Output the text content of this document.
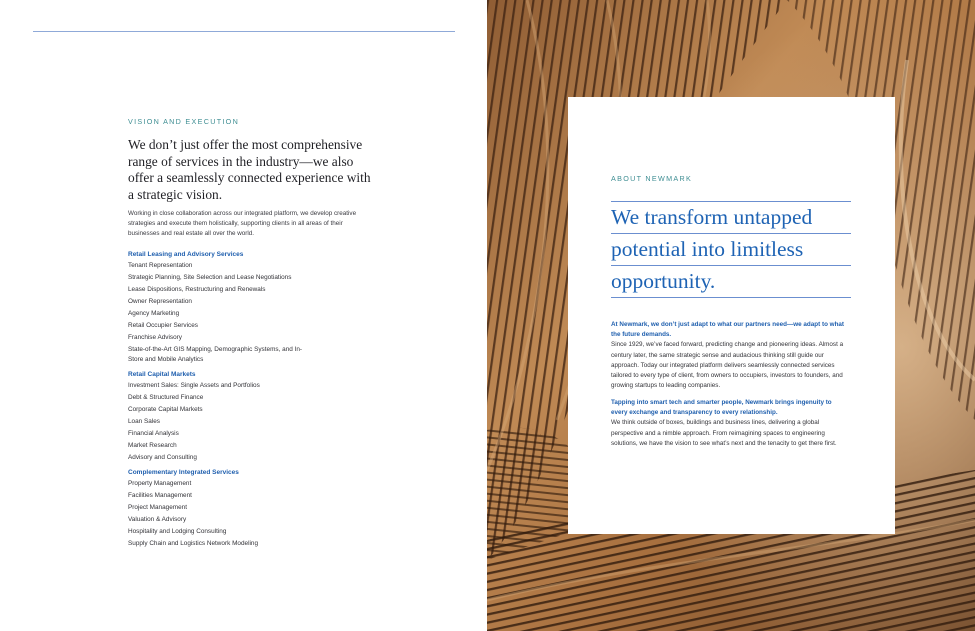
VISION AND EXECUTION
We don’t just offer the most comprehensive range of services in the industry—we also offer a seamlessly connected experience with a strategic vision.

Working in close collaboration across our integrated platform, we develop creative strategies and execute them holistically, supporting clients in all areas of their businesses and real estate all over the world.

Retail Leasing and Advisory Services
Tenant Representation
Strategic Planning, Site Selection and Lease Negotiations
Lease Dispositions, Restructuring and Renewals
Owner Representation
Agency Marketing
Retail Occupier Services
Franchise Advisory
State-of-the-Art GIS Mapping, Demographic Systems, and In-Store and Mobile Analytics
Retail Capital Markets
Investment Sales: Single Assets and Portfolios
Debt & Structured Finance
Corporate Capital Markets
Loan Sales
Financial Analysis
Market Research
Advisory and Consulting
Complementary Integrated Services
Property Management
Facilities Management
Project Management
Valuation & Advisory
Hospitality and Lodging Consulting
Supply Chain and Logistics Network Modeling
ABOUT NEWMARK
We transform untapped
potential into limitless
opportunity.

At Newmark, we don’t just adapt to what our partners need—we adapt to what the future demands.
Since 1929, we’ve faced forward, predicting change and pioneering ideas. Almost a century later, the same strategic sense and audacious thinking still guide our approach. Today our integrated platform delivers seamlessly connected services tailored to every type of client, from owners to occupiers, investors to founders, and growing startups to leading companies.

Tapping into smart tech and smarter people, Newmark brings ingenuity to every exchange and transparency to every relationship.
We think outside of boxes, buildings and business lines, delivering a global perspective and a nimble approach. From reimagining spaces to engineering solutions, we have the vision to see what’s next and the tenacity to get there first.
